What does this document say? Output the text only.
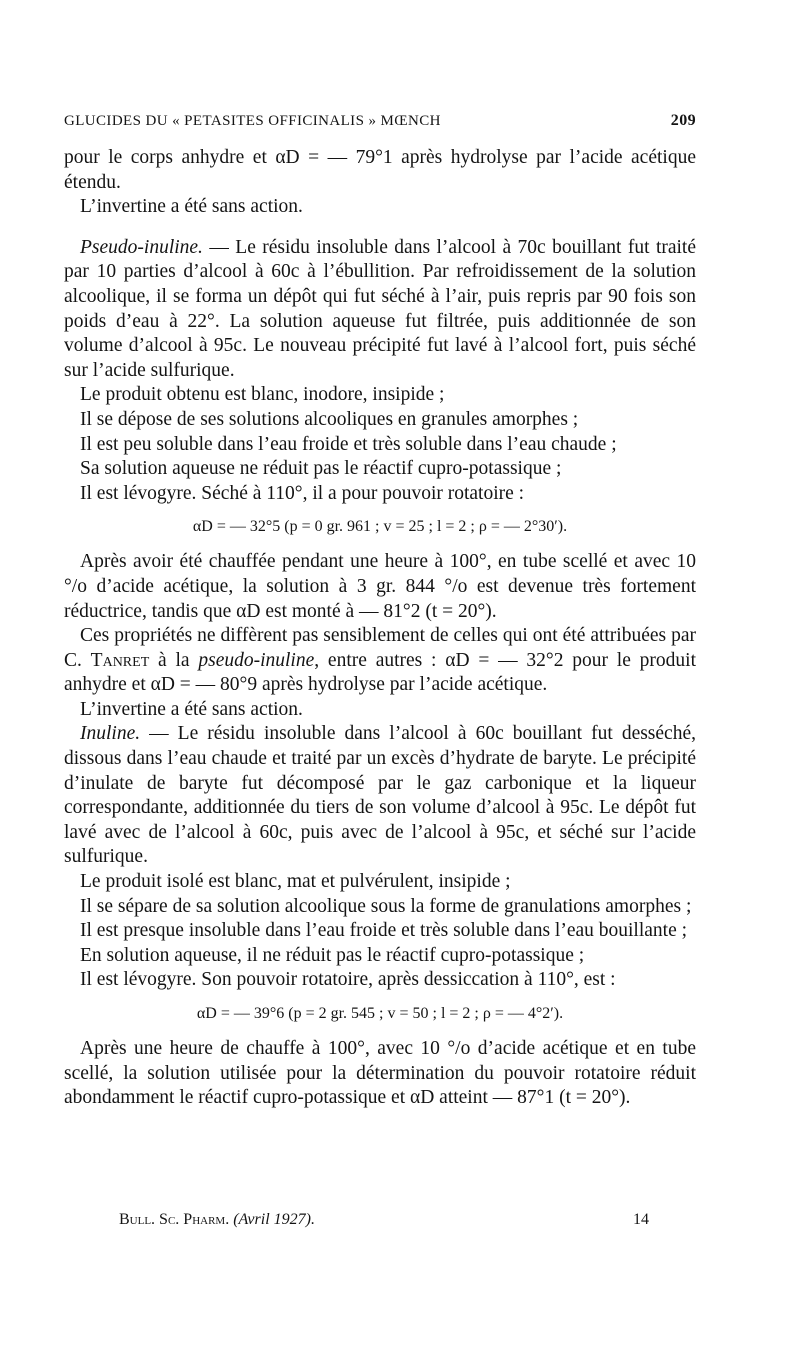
GLUCIDES DU « PETASITES OFFICINALIS » MŒNCH	209

pour le corps anhydre et αD = — 79°1 après hydrolyse par l’acide acétique étendu.

L’invertine a été sans action.

Pseudo-inuline. — Le résidu insoluble dans l’alcool à 70c bouillant fut traité par 10 parties d’alcool à 60c à l’ébullition. Par refroidissement de la solution alcoolique, il se forma un dépôt qui fut séché à l’air, puis repris par 90 fois son poids d’eau à 22°. La solution aqueuse fut filtrée, puis additionnée de son volume d’alcool à 95c. Le nouveau précipité fut lavé à l’alcool fort, puis séché sur l’acide sulfurique.

Le produit obtenu est blanc, inodore, insipide ;

Il se dépose de ses solutions alcooliques en granules amorphes ;

Il est peu soluble dans l’eau froide et très soluble dans l’eau chaude ;

Sa solution aqueuse ne réduit pas le réactif cupro-potassique ;

Il est lévogyre. Séché à 110°, il a pour pouvoir rotatoire :

αD = — 32°5 (p = 0 gr. 961 ; v = 25 ; l = 2 ; ρ = — 2°30′).

Après avoir été chauffée pendant une heure à 100°, en tube scellé et avec 10 °/o d’acide acétique, la solution à 3 gr. 844 °/o est devenue très fortement réductrice, tandis que αD est monté à — 81°2 (t = 20°).

Ces propriétés ne diffèrent pas sensiblement de celles qui ont été attribuées par C. Tanret à la pseudo-inuline, entre autres : αD = — 32°2 pour le produit anhydre et αD = — 80°9 après hydrolyse par l’acide acétique.

L’invertine a été sans action.

Inuline. — Le résidu insoluble dans l’alcool à 60c bouillant fut desséché, dissous dans l’eau chaude et traité par un excès d’hydrate de baryte. Le précipité d’inulate de baryte fut décomposé par le gaz carbonique et la liqueur correspondante, additionnée du tiers de son volume d’alcool à 95c. Le dépôt fut lavé avec de l’alcool à 60c, puis avec de l’alcool à 95c, et séché sur l’acide sulfurique.

Le produit isolé est blanc, mat et pulvérulent, insipide ;

Il se sépare de sa solution alcoolique sous la forme de granulations amorphes ;

Il est presque insoluble dans l’eau froide et très soluble dans l’eau bouillante ;

En solution aqueuse, il ne réduit pas le réactif cupro-potassique ;

Il est lévogyre. Son pouvoir rotatoire, après dessiccation à 110°, est :

αD = — 39°6 (p = 2 gr. 545 ; v = 50 ; l = 2 ; ρ = — 4°2′).

Après une heure de chauffe à 100°, avec 10 °/o d’acide acétique et en tube scellé, la solution utilisée pour la détermination du pouvoir rotatoire réduit abondamment le réactif cupro-potassique et αD atteint — 87°1 (t = 20°).

Bull. Sc. Pharm. (Avril 1927).	14
